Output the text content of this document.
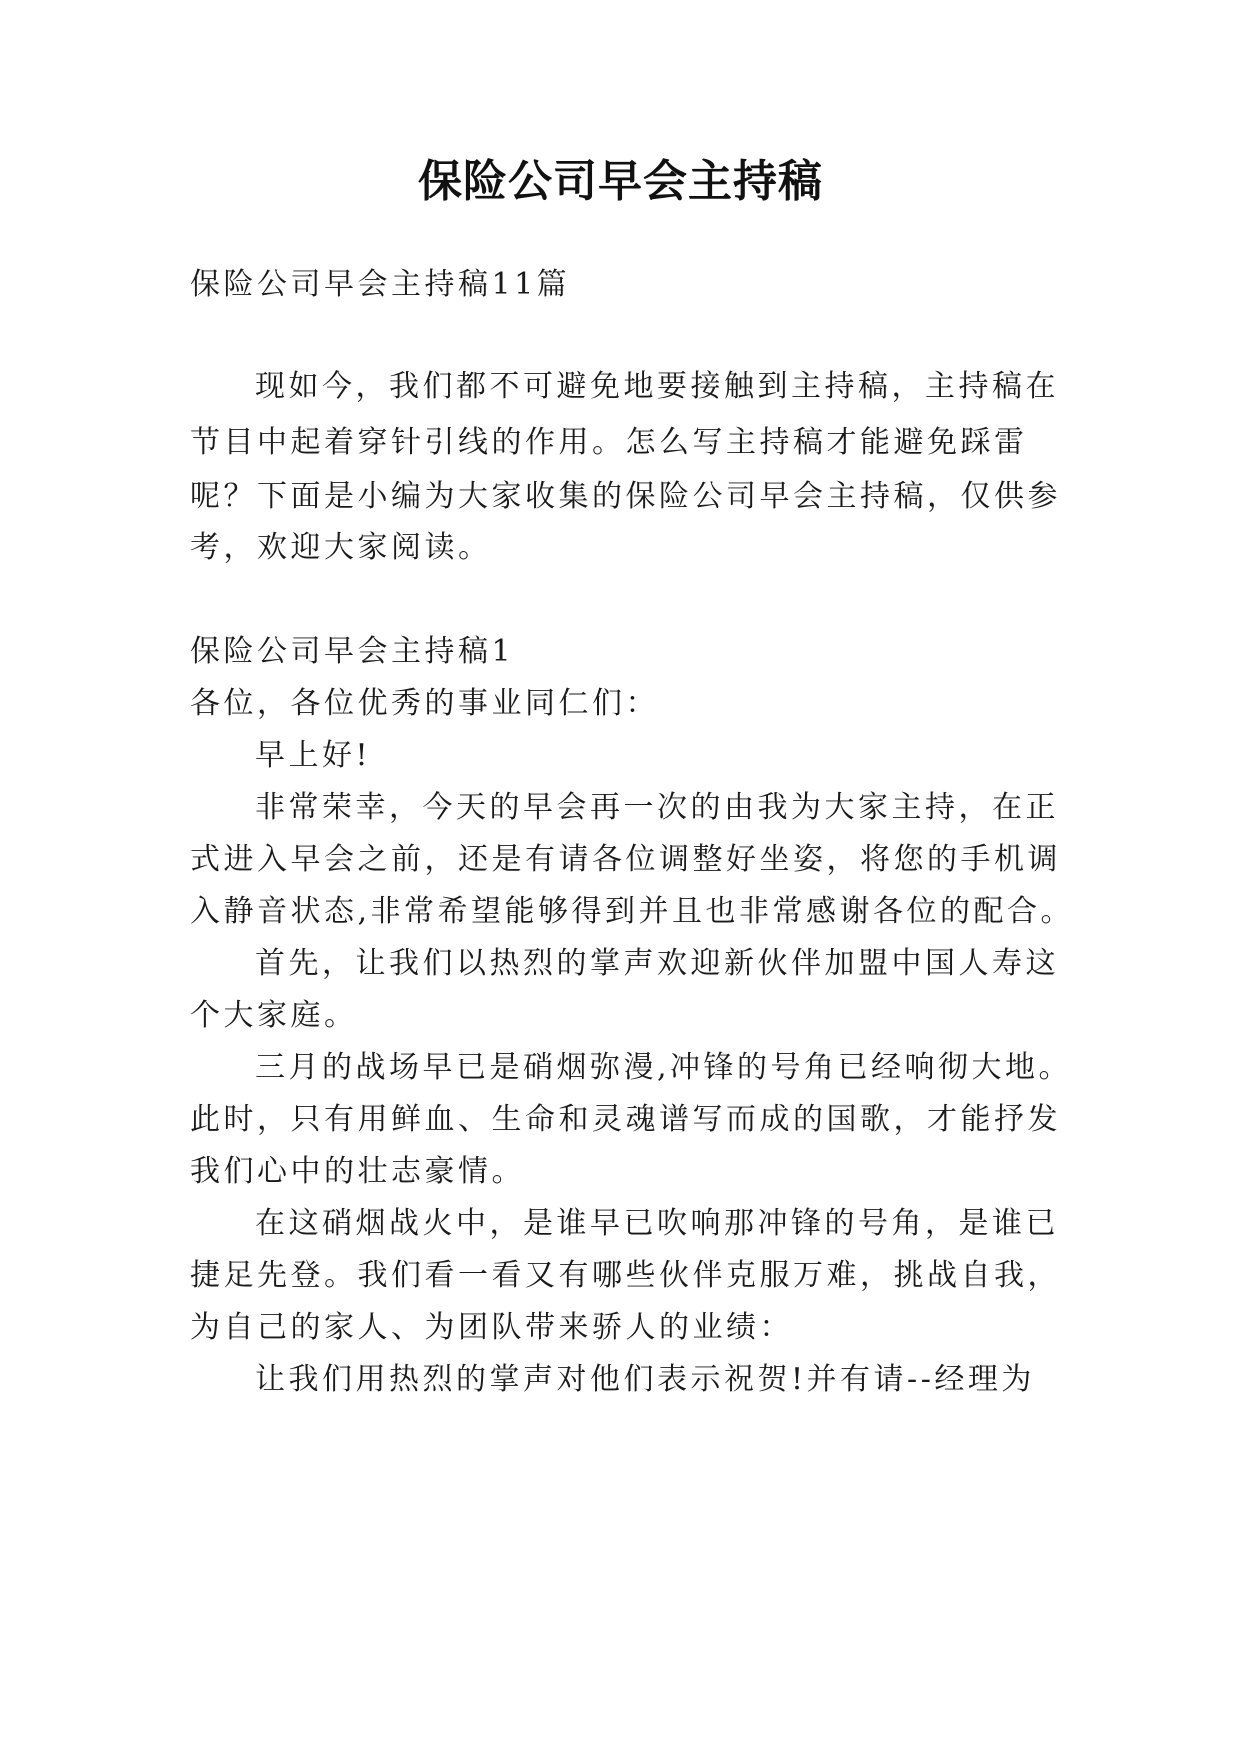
保险公司早会主持稿
保险公司早会主持稿11篇
现如今，我们都不可避免地要接触到主持稿，主持稿在
节目中起着穿针引线的作用。怎么写主持稿才能避免踩雷
呢？下面是小编为大家收集的保险公司早会主持稿，仅供参
考，欢迎大家阅读。
保险公司早会主持稿1
各位，各位优秀的事业同仁们：
早上好!
非常荣幸，今天的早会再一次的由我为大家主持，在正
式进入早会之前，还是有请各位调整好坐姿，将您的手机调
入静音状态,非常希望能够得到并且也非常感谢各位的配合。
首先，让我们以热烈的掌声欢迎新伙伴加盟中国人寿这
个大家庭。
三月的战场早已是硝烟弥漫,冲锋的号角已经响彻大地。
此时，只有用鲜血、生命和灵魂谱写而成的国歌，才能抒发
我们心中的壮志豪情。
在这硝烟战火中，是谁早已吹响那冲锋的号角，是谁已
捷足先登。我们看一看又有哪些伙伴克服万难，挑战自我，
为自己的家人、为团队带来骄人的业绩：
让我们用热烈的掌声对他们表示祝贺!并有请--经理为
